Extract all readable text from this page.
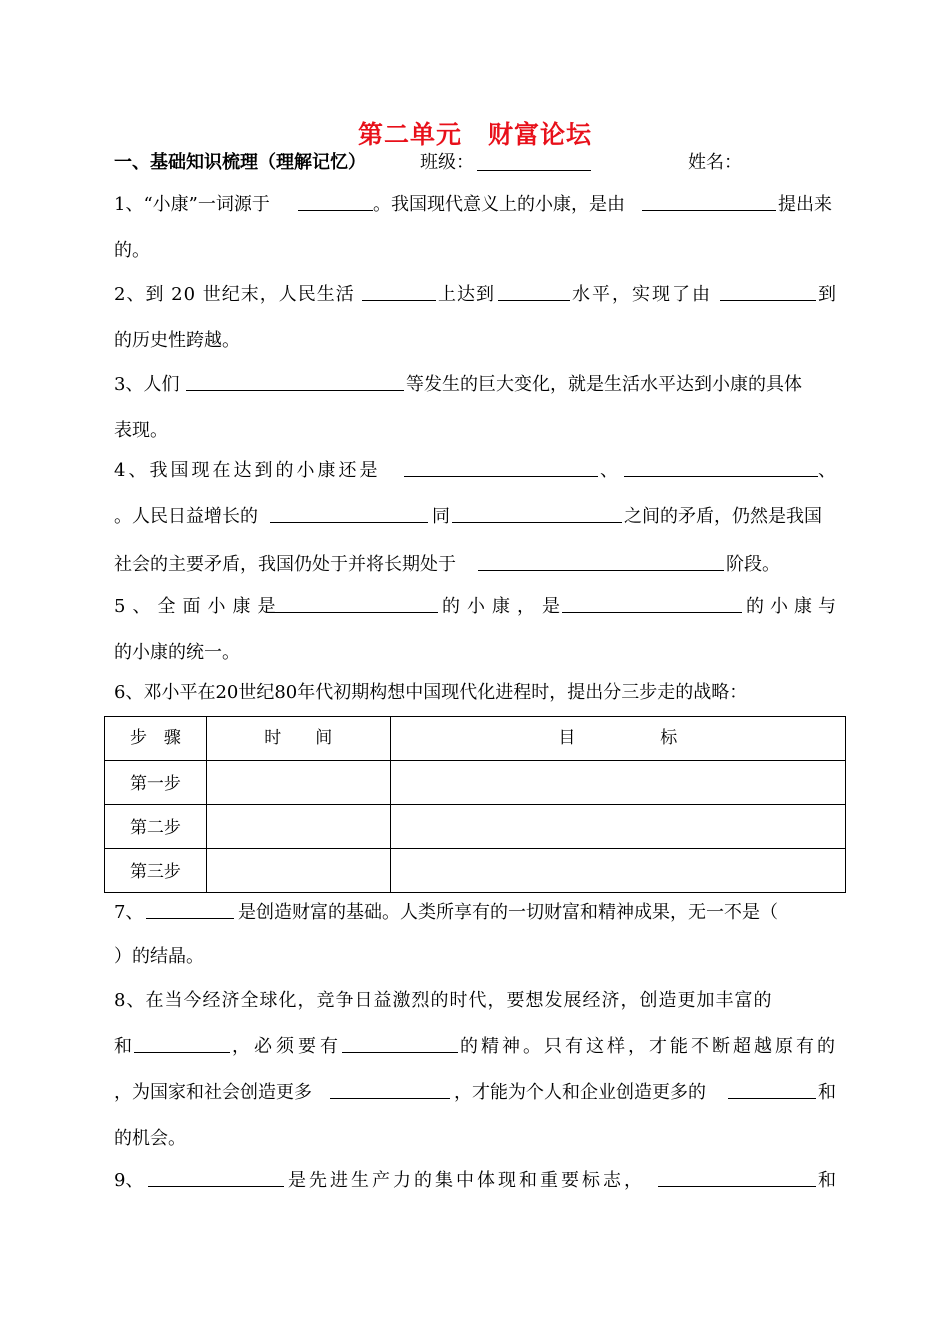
第二单元　财富论坛
一、基础知识梳理（理解记忆）	班级：	姓名：
1、“小康”一词源于	。我国现代意义上的小康，是由	提出来
的。
2、到 20 世纪末，人民生活	上达到	水平，实现了由	到
的历史性跨越。
3、人们	等发生的巨大变化，就是生活水平达到小康的具体
表现。
4、我国现在达到的小康还是	、	、
。人民日益增长的	同	之间的矛盾，仍然是我国
社会的主要矛盾，我国仍处于并将长期处于	阶段。
5、全面小康是	的小康，是	的小康与
的小康的统一。
6、邓小平在20世纪80年代初期构想中国现代化进程时，提出分三步走的战略：
步　骤	时　　间	目　　　　　标
第一步		
第二步		
第三步		
7、	是创造财富的基础。人类所享有的一切财富和精神成果，无一不是（
）的结晶。
8、在当今经济全球化，竞争日益激烈的时代，要想发展经济，创造更加丰富的
和	，必须要有	的精神。只有这样，才能不断超越原有的
，为国家和社会创造更多	，才能为个人和企业创造更多的	和
的机会。
9、	是先进生产力的集中体现和重要标志，	和
